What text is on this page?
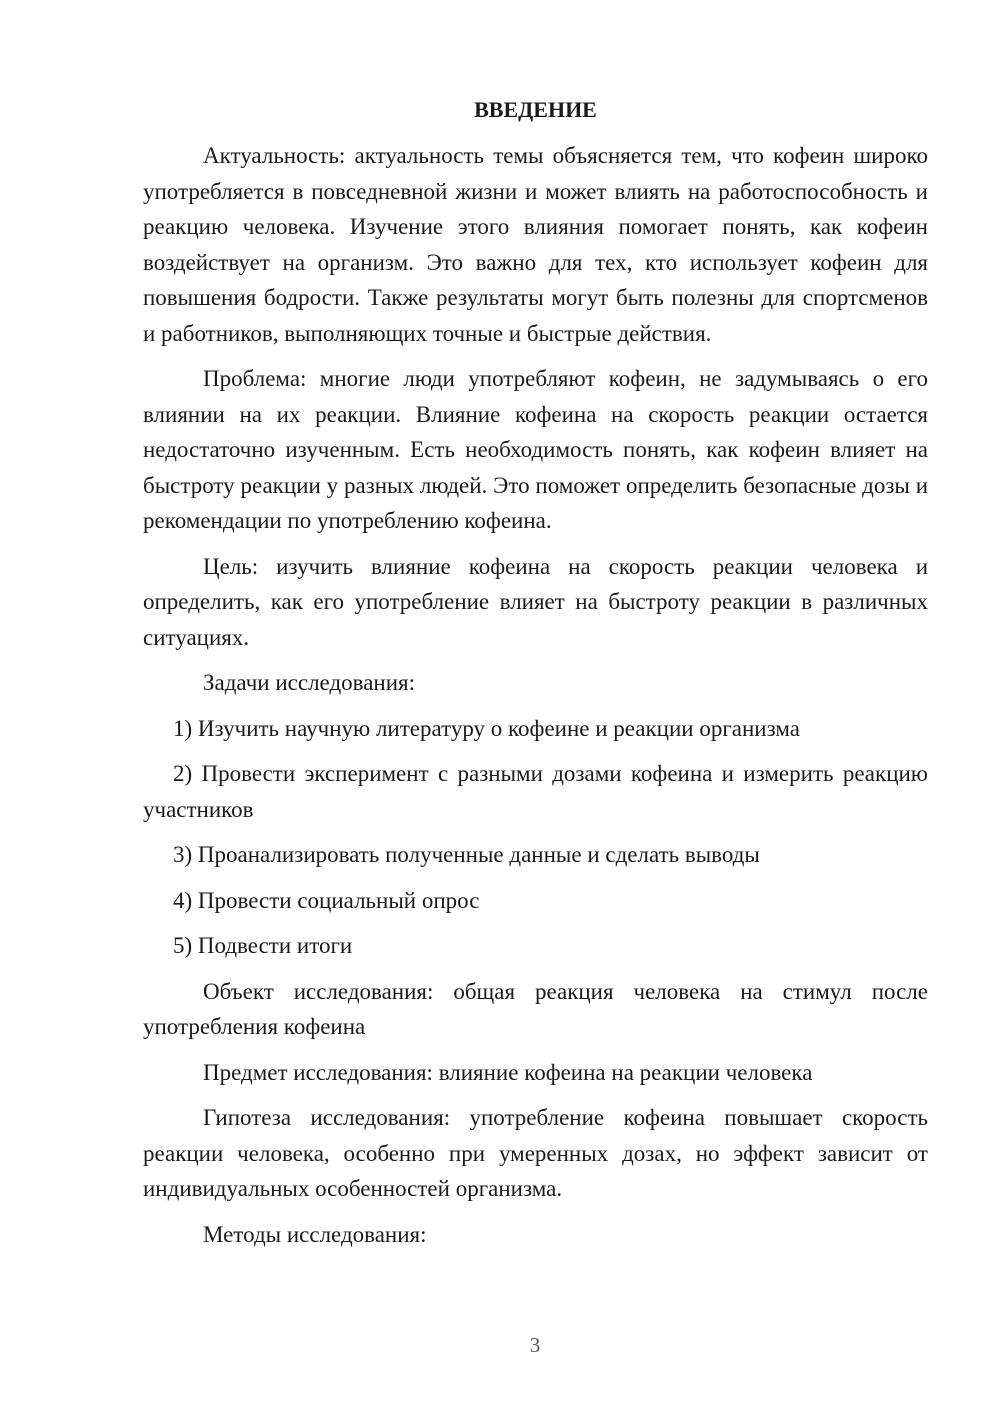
ВВЕДЕНИЕ

Актуальность: актуальность темы объясняется тем, что кофеин широко употребляется в повседневной жизни и может влиять на работоспособность и реакцию человека. Изучение этого влияния помогает понять, как кофеин воздействует на организм. Это важно для тех, кто использует кофеин для повышения бодрости. Также результаты могут быть полезны для спортсменов и работников, выполняющих точные и быстрые действия.

Проблема: многие люди употребляют кофеин, не задумываясь о его влиянии на их реакции. Влияние кофеина на скорость реакции остается недостаточно изученным. Есть необходимость понять, как кофеин влияет на быстроту реакции у разных людей. Это поможет определить безопасные дозы и рекомендации по употреблению кофеина.

Цель: изучить влияние кофеина на скорость реакции человека и определить, как его употребление влияет на быстроту реакции в различных ситуациях.

Задачи исследования:

1) Изучить научную литературу о кофеине и реакции организма

2) Провести эксперимент с разными дозами кофеина и измерить реакцию участников

3) Проанализировать полученные данные и сделать выводы

4) Провести социальный опрос

5) Подвести итоги

Объект исследования: общая реакция человека на стимул после употребления кофеина

Предмет исследования: влияние кофеина на реакции человека

Гипотеза исследования: употребление кофеина повышает скорость реакции человека, особенно при умеренных дозах, но эффект зависит от индивидуальных особенностей организма.

Методы исследования:

3
